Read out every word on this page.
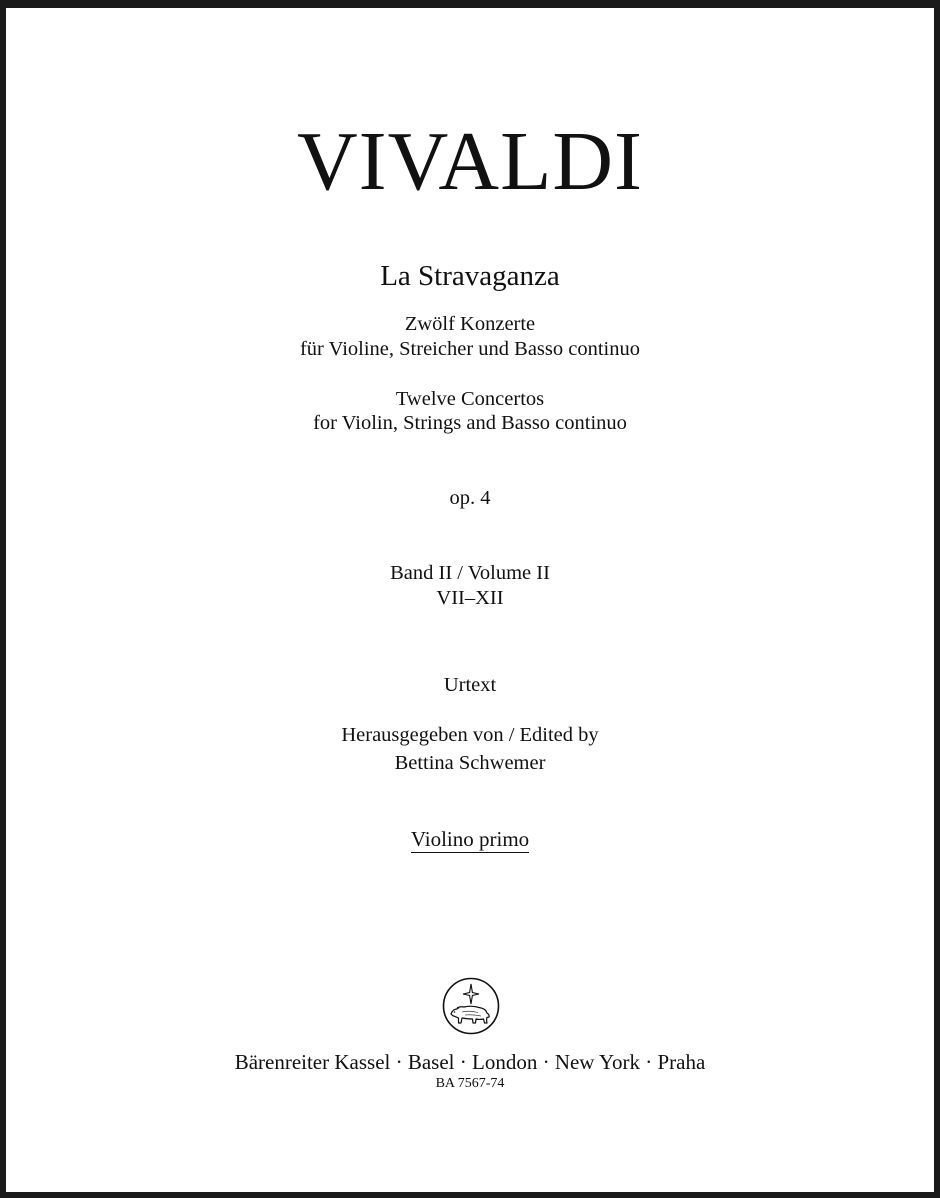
VIVALDI
La Stravaganza
Zwölf Konzerte
für Violine, Streicher und Basso continuo
Twelve Concertos
for Violin, Strings and Basso continuo
op. 4
Band II / Volume II
VII–XII
Urtext
Herausgegeben von / Edited by
Bettina Schwemer
Violino primo
Bärenreiter Kassel · Basel · London · New York · Praha
BA 7567-74
